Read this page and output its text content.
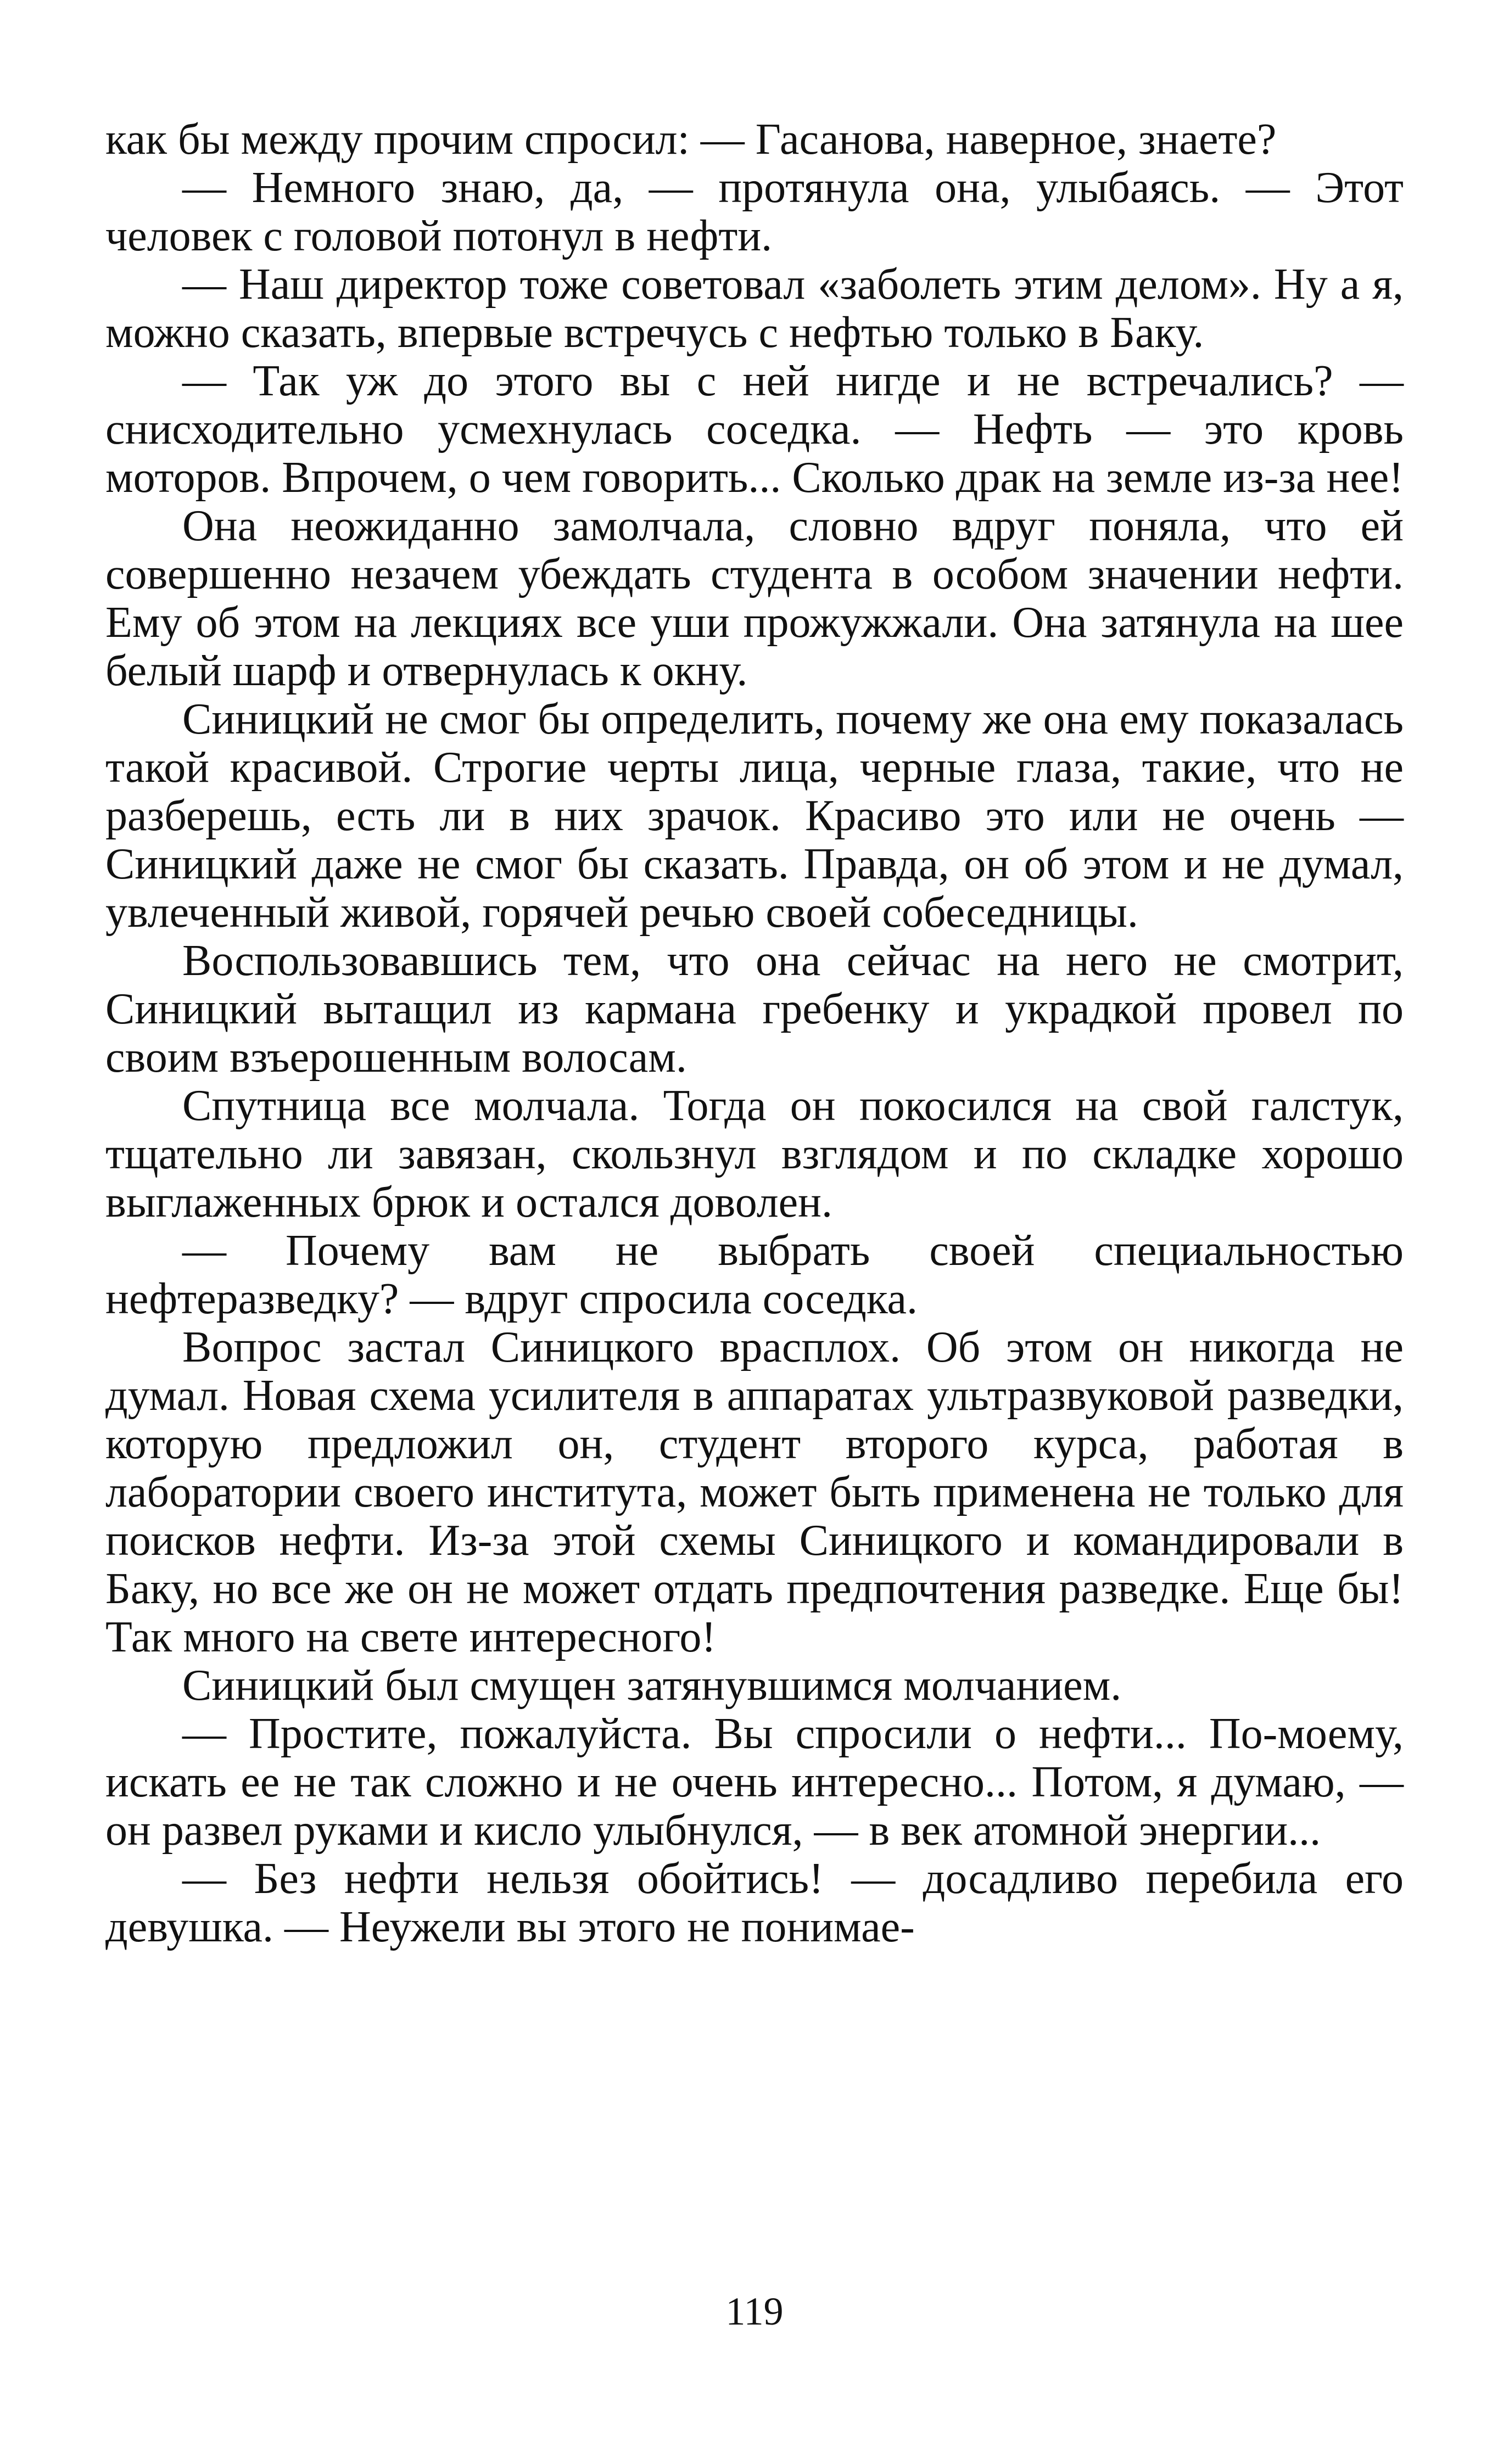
как бы между прочим спросил: — Гасанова, наверное, знаете?

— Немного знаю, да, — протянула она, улыбаясь. — Этот человек с головой потонул в нефти.

— Наш директор тоже советовал «заболеть этим делом». Ну а я, можно сказать, впервые встречусь с нефтью только в Баку.

— Так уж до этого вы с ней нигде и не встречались? — снисходительно усмехнулась соседка. — Нефть — это кровь моторов. Впрочем, о чем говорить... Сколько драк на земле из-за нее!

Она неожиданно замолчала, словно вдруг поняла, что ей совершенно незачем убеждать студента в особом значении нефти. Ему об этом на лекциях все уши прожужжали. Она затянула на шее белый шарф и отвернулась к окну.

Синицкий не смог бы определить, почему же она ему показалась такой красивой. Строгие черты лица, черные глаза, такие, что не разберешь, есть ли в них зрачок. Красиво это или не очень — Синицкий даже не смог бы сказать. Правда, он об этом и не думал, увлеченный живой, горячей речью своей собеседницы.

Воспользовавшись тем, что она сейчас на него не смотрит, Синицкий вытащил из кармана гребенку и украдкой провел по своим взъерошенным волосам.

Спутница все молчала. Тогда он покосился на свой галстук, тщательно ли завязан, скользнул взглядом и по складке хорошо выглаженных брюк и остался доволен.

— Почему вам не выбрать своей специальностью нефтеразведку? — вдруг спросила соседка.

Вопрос застал Синицкого врасплох. Об этом он никогда не думал. Новая схема усилителя в аппаратах ультразвуковой разведки, которую предложил он, студент второго курса, работая в лаборатории своего института, может быть применена не только для поисков нефти. Из-за этой схемы Синицкого и командировали в Баку, но все же он не может отдать предпочтения разведке. Еще бы! Так много на свете интересного!

Синицкий был смущен затянувшимся молчанием.

— Простите, пожалуйста. Вы спросили о нефти... По-моему, искать ее не так сложно и не очень интересно... Потом, я думаю, — он развел руками и кисло улыбнулся, — в век атомной энергии...

— Без нефти нельзя обойтись! — досадливо перебила его девушка. — Неужели вы этого не понимае-

119
